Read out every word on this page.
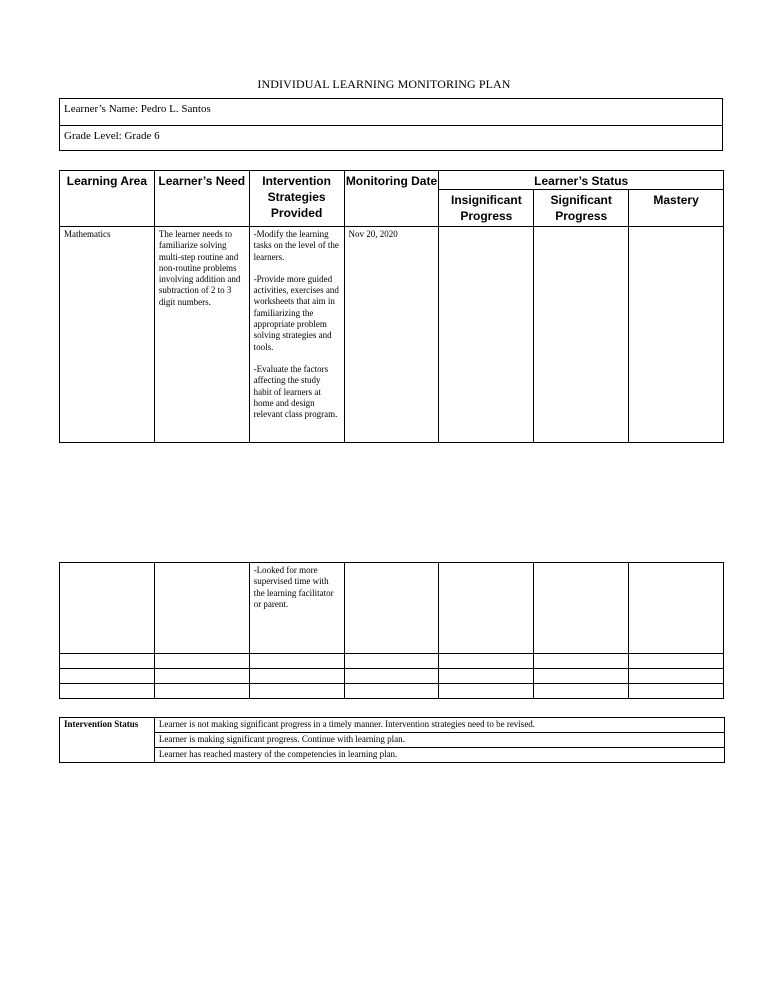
INDIVIDUAL LEARNING MONITORING PLAN
Learner’s Name: Pedro L. Santos
Grade Level: Grade 6
Learning Area	Learner’s Need	Intervention Strategies Provided	Monitoring Date	Learner’s Status		
				Insignificant Progress	Significant Progress	Mastery
Mathematics	The learner needs to familiarize solving multi-step routine and non-routine problems involving addition and subtraction of 2 to 3 digit numbers.	-Modify the learning tasks on the level of the learners.

-Provide more guided activities, exercises and worksheets that aim in familiarizing the appropriate problem solving strategies and tools.

-Evaluate the factors affecting the study habit of learners at home and design relevant class program.	Nov 20, 2020			
		-Looked for more supervised time with the learning facilitator or parent.				

Intervention Status	Learner is not making significant progress in a timely manner. Intervention strategies need to be revised.
Learner is making significant progress. Continue with learning plan.
Learner has reached mastery of the competencies in learning plan.
